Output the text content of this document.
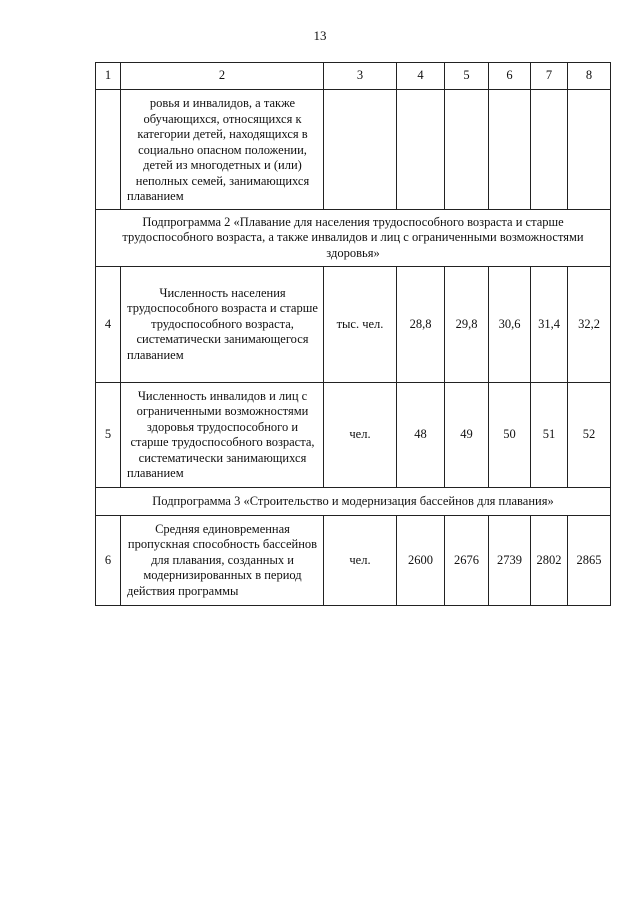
13
1	2	3	4	5	6	7	8
	ровья и инвалидов, а также обучающихся, относящихся к категории детей, находящихся в социально опасном положении, детей из многодетных и (или) неполных семей, занимающихся плаванием						
Подпрограмма 2 «Плавание для населения трудоспособного возраста и старше трудоспособного возраста, а также инвалидов и лиц с ограниченными возможностями здоровья»							
4	Численность населения трудоспособного возраста и старше трудоспособного возраста, систематически занимающегося плаванием	тыс. чел.	28,8	29,8	30,6	31,4	32,2
5	Численность инвалидов и лиц с ограниченными возможностями здоровья трудоспособного и старше трудоспособного возраста, систематически занимающихся плаванием	чел.	48	49	50	51	52
Подпрограмма 3 «Строительство и модернизация бассейнов для плавания»							
6	Средняя единовременная пропускная способность бассейнов для плавания, созданных и модернизированных в период действия программы	чел.	2600	2676	2739	2802	2865
